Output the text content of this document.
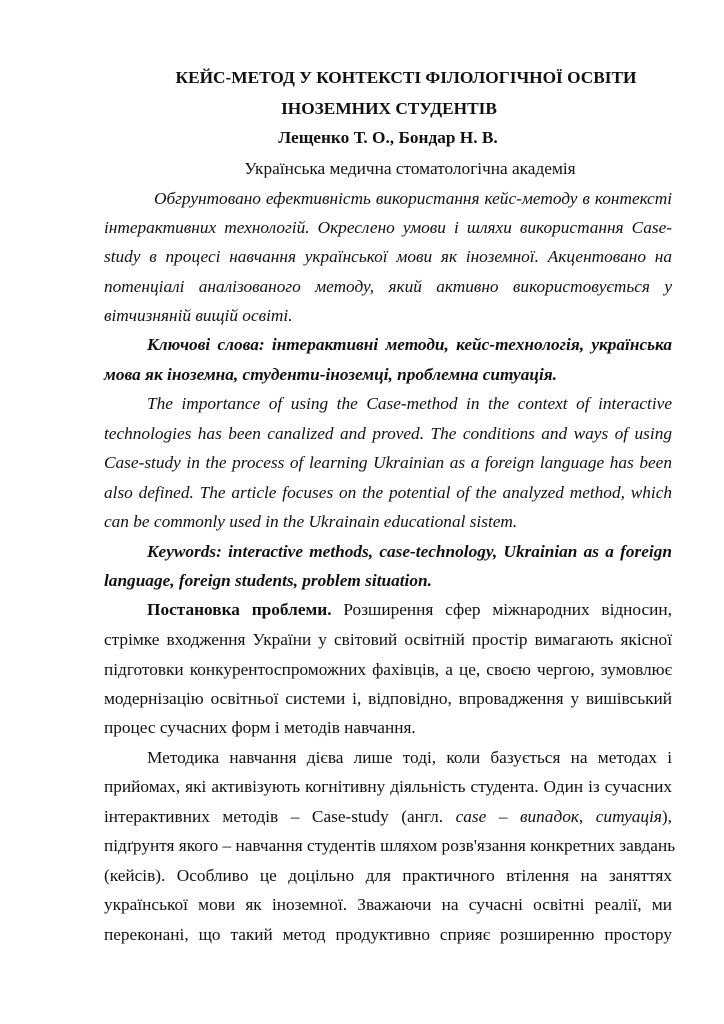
КЕЙС-МЕТОД У КОНТЕКСТІ ФІЛОЛОГІЧНОЇ ОСВІТИ
ІНОЗЕМНИХ СТУДЕНТІВ
Лещенко Т. О., Бондар Н. В.
Українська медична стоматологічна академія
Обгрунтовано ефективність використання кейс-методу в контексті
інтерактивних технологій. Окреслено умови і шляхи використання Case-
study в процесі навчання української мови як іноземної. Акцентовано на
потенціалі аналізованого методу, який активно використовується у
вітчизняній вищій освіті.
Ключові слова: інтерактивні методи, кейс-технологія, українська
мова як іноземна, студенти-іноземці, проблемна ситуація.
The importance of using the Case-method in the context of interactive
technologies has been canalized and proved. The conditions and ways of using
Case-study in the process of learning Ukrainian as a foreign language has been
also defined. The article focuses on the potential of the analyzed method, which
can be commonly used in the Ukrainain educational sistem.
Keywords: interactive methods, case-technology, Ukrainian as a foreign
language, foreign students, problem situation.
Постановка проблеми. Розширення сфер міжнародних відносин,
стрімке входження України у світовий освітній простір вимагають якісної
підготовки конкурентоспроможних фахівців, а це, своєю чергою, зумовлює
модернізацію освітньої системи і, відповідно, впровадження у вишівський
процес сучасних форм і методів навчання.
Методика навчання дієва лише тоді, коли базується на методах і
прийомах, які активізують когнітивну діяльність студента. Один із сучасних
інтерактивних методів – Case-study (англ. case – випадок, ситуація),
підґрунтя якого – навчання студентів шляхом розв'язання конкретних завдань
(кейсів). Особливо це доцільно для практичного втілення на заняттях
української мови як іноземної. Зважаючи на сучасні освітні реалії, ми
переконані, що такий метод продуктивно сприяє розширенню простору
